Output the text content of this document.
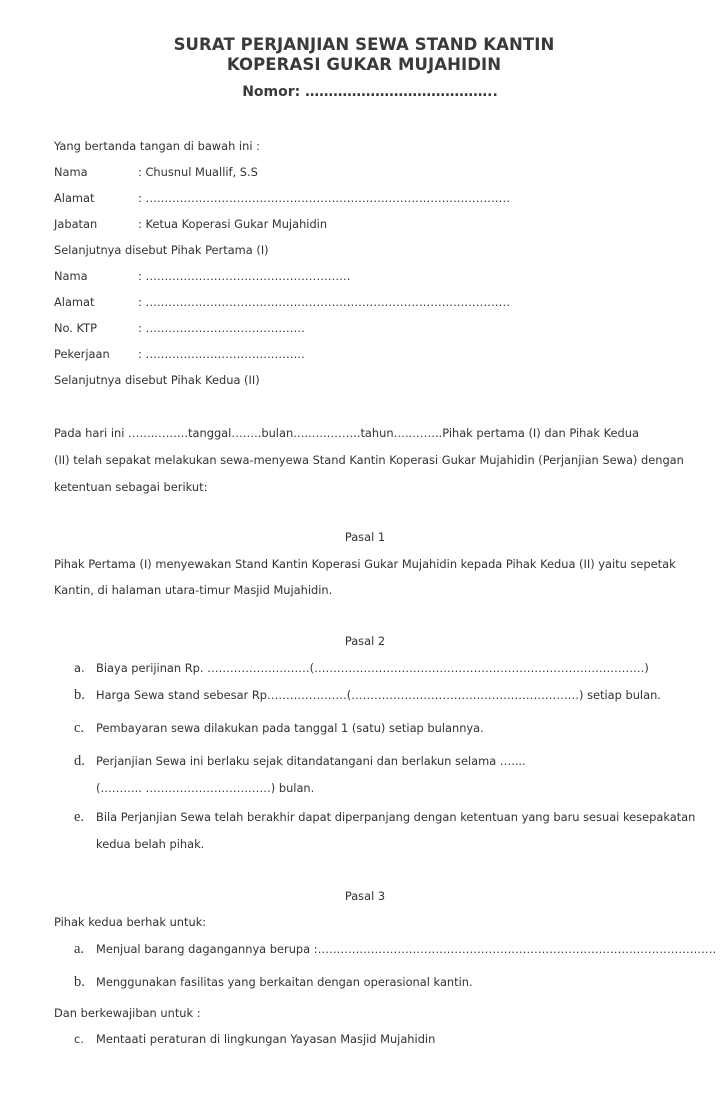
SURAT PERJANJIAN SEWA STAND KANTIN
KOPERASI GUKAR MUJAHIDIN
Nomor: …………………………………..
Yang bertanda tangan di bawah ini :
Nama	: Chusnul Muallif, S.S
Alamat	: ……………………………………………………………………………………
Jabatan	: Ketua Koperasi Gukar Mujahidin
Selanjutnya disebut Pihak Pertama (I)
Nama	: ………………………………………………
Alamat	: ……………………………………………………………………………………
No. KTP	: ……………………………………
Pekerjaan : ……………………………………
Selanjutnya disebut Pihak Kedua (II)
Pada hari ini ……..……..tanggal……..bulan…..…..……..tahun…..……..Pihak pertama (I) dan Pihak Kedua
(II) telah sepakat melakukan sewa-menyewa Stand Kantin Koperasi Gukar Mujahidin (Perjanjian Sewa) dengan
ketentuan sebagai berikut:
Pasal 1
Pihak Pertama (I) menyewakan Stand Kantin Koperasi Gukar Mujahidin kepada Pihak Kedua (II) yaitu sepetak
Kantin, di halaman utara-timur Masjid Mujahidin.
Pasal 2
a. Biaya perijinan Rp. ………………………(……………………………………………………………………………)
b. Harga Sewa stand sebesar Rp…………………(……………………………………………………) setiap bulan.
c. Pembayaran sewa dilakukan pada tanggal 1 (satu) setiap bulannya.
d. Perjanjian Sewa ini berlaku sejak ditandatangani dan berlakun selama …....
(……….. ……………………………) bulan.
e. Bila Perjanjian Sewa telah berakhir dapat diperpanjang dengan ketentuan yang baru sesuai kesepakatan
kedua belah pihak.
Pasal 3
Pihak kedua berhak untuk:
a. Menjual barang dagangannya berupa :……………………………………………………………………………………………
b. Menggunakan fasilitas yang berkaitan dengan operasional kantin.
Dan berkewajiban untuk :
c. Mentaati peraturan di lingkungan Yayasan Masjid Mujahidin
